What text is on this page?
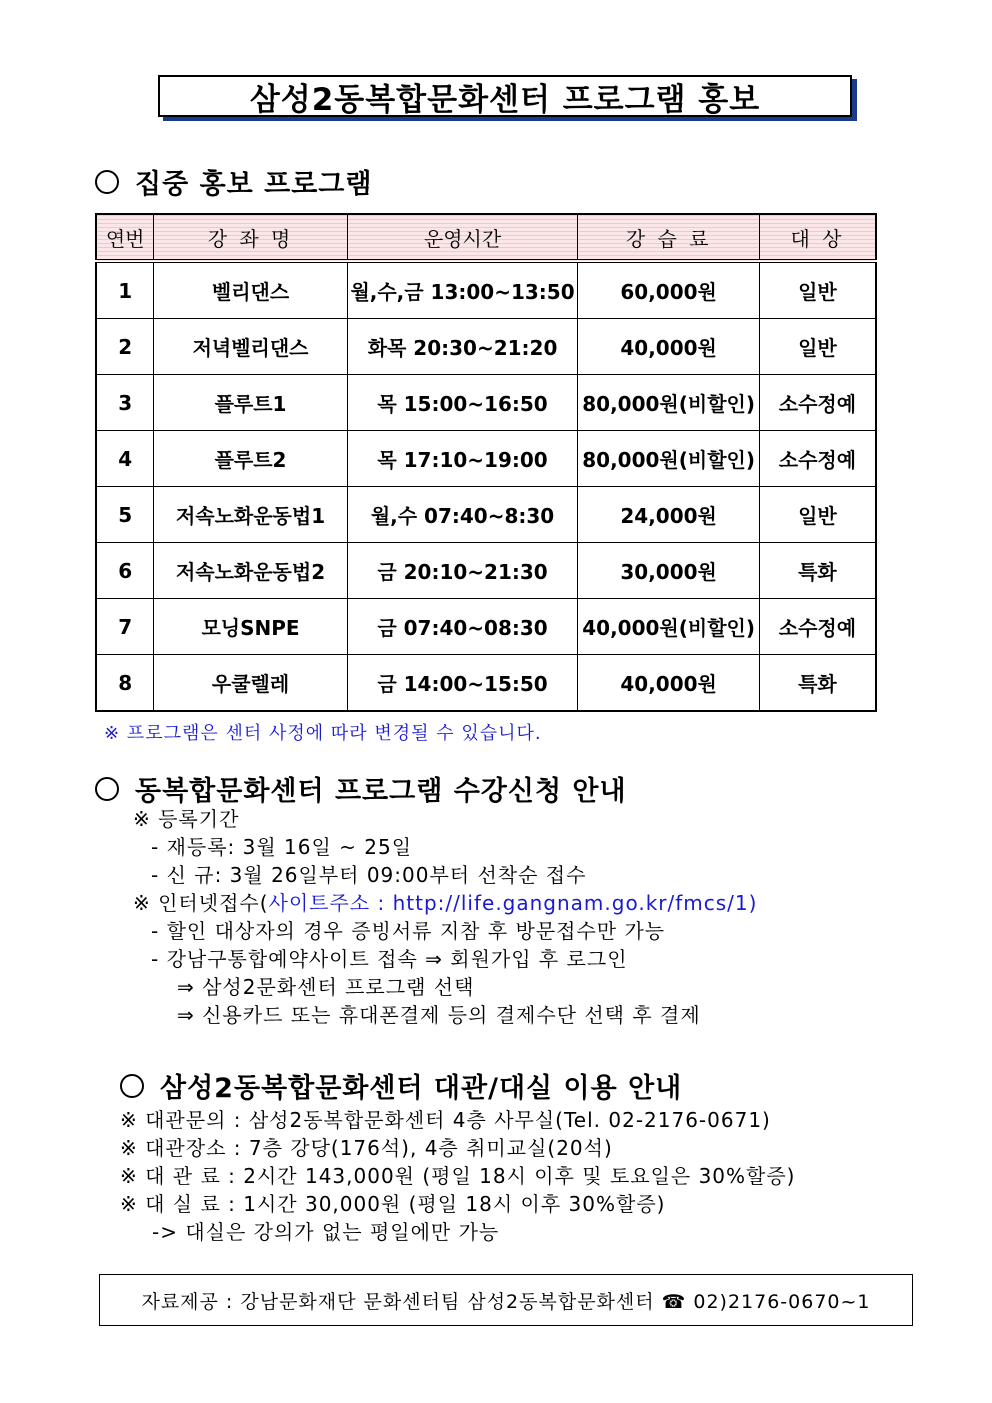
삼성2동복합문화센터 프로그램 홍보
집중 홍보 프로그램
연번	강 좌 명	운영시간	강 습 료	대 상
1	벨리댄스	월,수,금 13:00~13:50	60,000원	일반
2	저녁벨리댄스	화목 20:30~21:20	40,000원	일반
3	플루트1	목 15:00~16:50	80,000원(비할인)	소수정예
4	플루트2	목 17:10~19:00	80,000원(비할인)	소수정예
5	저속노화운동법1	월,수 07:40~8:30	24,000원	일반
6	저속노화운동법2	금 20:10~21:30	30,000원	특화
7	모닝SNPE	금 07:40~08:30	40,000원(비할인)	소수정예
8	우쿨렐레	금 14:00~15:50	40,000원	특화
※ 프로그램은 센터 사정에 따라 변경될 수 있습니다.
동복합문화센터 프로그램 수강신청 안내
※ 등록기간
- 재등록: 3월 16일 ~ 25일
- 신 규: 3월 26일부터 09:00부터 선착순 접수
※ 인터넷접수(사이트주소 : http://life.gangnam.go.kr/fmcs/1)
- 할인 대상자의 경우 증빙서류 지참 후 방문접수만 가능
- 강남구통합예약사이트 접속 ⇒ 회원가입 후 로그인
⇒ 삼성2문화센터 프로그램 선택
⇒ 신용카드 또는 휴대폰결제 등의 결제수단 선택 후 결제
삼성2동복합문화센터 대관/대실 이용 안내
※ 대관문의 : 삼성2동복합문화센터 4층 사무실(Tel. 02-2176-0671)
※ 대관장소 : 7층 강당(176석), 4층 취미교실(20석)
※ 대 관 료 : 2시간 143,000원 (평일 18시 이후 및 토요일은 30%할증)
※ 대 실 료 : 1시간 30,000원 (평일 18시 이후 30%할증)
-> 대실은 강의가 없는 평일에만 가능
자료제공 : 강남문화재단 문화센터팀 삼성2동복합문화센터 ☎ 02)2176-0670~1
